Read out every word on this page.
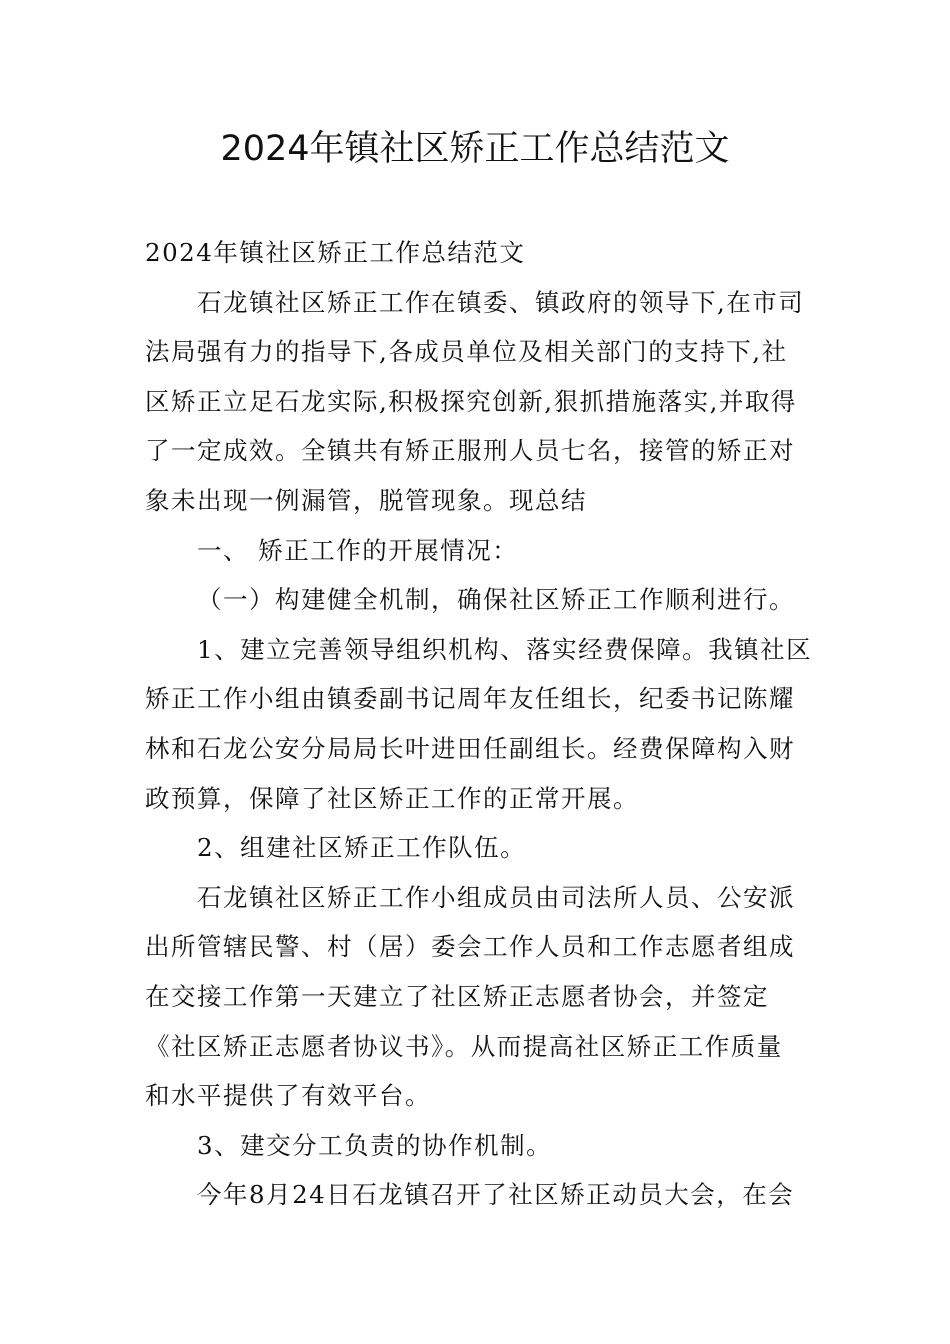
2024年镇社区矫正工作总结范文
2024年镇社区矫正工作总结范文
石龙镇社区矫正工作在镇委、镇政府的领导下,在市司
法局强有力的指导下,各成员单位及相关部门的支持下,社
区矫正立足石龙实际,积极探究创新,狠抓措施落实,并取得
了一定成效。全镇共有矫正服刑人员七名，接管的矫正对
象未出现一例漏管，脱管现象。现总结
一、 矫正工作的开展情况：
（一）构建健全机制，确保社区矫正工作顺利进行。
1、建立完善领导组织机构、落实经费保障。我镇社区
矫正工作小组由镇委副书记周年友任组长，纪委书记陈耀
林和石龙公安分局局长叶进田任副组长。经费保障构入财
政预算，保障了社区矫正工作的正常开展。
2、组建社区矫正工作队伍。
石龙镇社区矫正工作小组成员由司法所人员、公安派
出所管辖民警、村（居）委会工作人员和工作志愿者组成
在交接工作第一天建立了社区矫正志愿者协会，并签定
《社区矫正志愿者协议书》。从而提高社区矫正工作质量
和水平提供了有效平台。
3、建交分工负责的协作机制。
今年8月24日石龙镇召开了社区矫正动员大会，在会
